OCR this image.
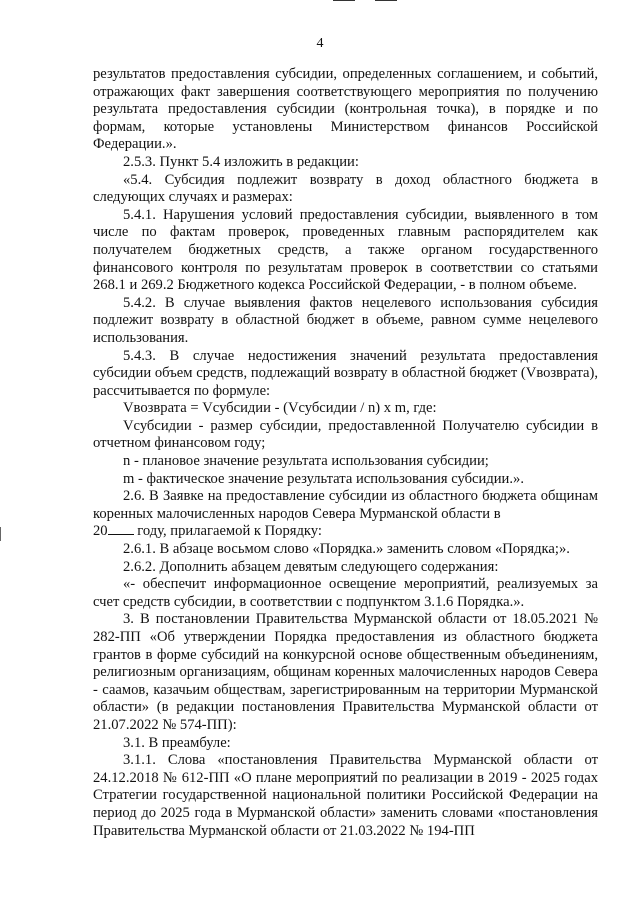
4

результатов предоставления субсидии, определенных соглашением, и событий, отражающих факт завершения соответствующего мероприятия по получению результата предоставления субсидии (контрольная точка), в порядке и по формам, которые установлены Министерством финансов Российской Федерации.».

2.5.3. Пункт 5.4 изложить в редакции:

«5.4. Субсидия подлежит возврату в доход областного бюджета в следующих случаях и размерах:

5.4.1. Нарушения условий предоставления субсидии, выявленного в том числе по фактам проверок, проведенных главным распорядителем как получателем бюджетных средств, а также органом государственного финансового контроля по результатам проверок в соответствии со статьями 268.1 и 269.2 Бюджетного кодекса Российской Федерации, - в полном объеме.

5.4.2. В случае выявления фактов нецелевого использования субсидия подлежит возврату в областной бюджет в объеме, равном сумме нецелевого использования.

5.4.3. В случае недостижения значений результата предоставления субсидии объем средств, подлежащий возврату в областной бюджет (Vвозврата), рассчитывается по формуле:

Vвозврата = Vсубсидии - (Vсубсидии / n) x m, где:

Vсубсидии - размер субсидии, предоставленной Получателю субсидии в отчетном финансовом году;

n - плановое значение результата использования субсидии;

m - фактическое значение результата использования субсидии.».

2.6. В Заявке на предоставление субсидии из областного бюджета общинам коренных малочисленных народов Севера Мурманской области в

20 году, прилагаемой к Порядку:

2.6.1. В абзаце восьмом слово «Порядка.» заменить словом «Порядка;».

2.6.2. Дополнить абзацем девятым следующего содержания:

«- обеспечит информационное освещение мероприятий, реализуемых за счет средств субсидии, в соответствии с подпунктом 3.1.6 Порядка.».

3. В постановлении Правительства Мурманской области от 18.05.2021 № 282-ПП «Об утверждении Порядка предоставления из областного бюджета грантов в форме субсидий на конкурсной основе общественным объединениям, религиозным организациям, общинам коренных малочисленных народов Севера - саамов, казачьим обществам, зарегистрированным на территории Мурманской области» (в редакции постановления Правительства Мурманской области от 21.07.2022 № 574-ПП):

3.1. В преамбуле:

3.1.1. Слова «постановления Правительства Мурманской области от 24.12.2018 № 612-ПП «О плане мероприятий по реализации в 2019 - 2025 годах Стратегии государственной национальной политики Российской Федерации на период до 2025 года в Мурманской области» заменить словами «постановления Правительства Мурманской области от 21.03.2022 № 194-ПП
